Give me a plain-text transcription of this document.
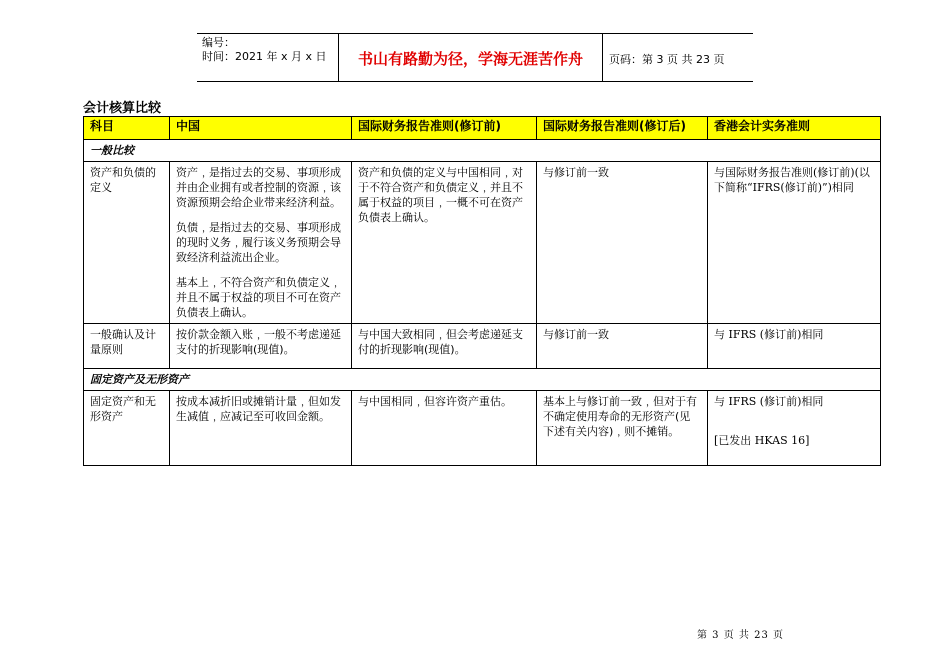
编号：
时间：2021 年 x 月 x 日	书山有路勤为径，学海无涯苦作舟	页码：第 3 页 共 23 页
会计核算比较
科目	中国	国际财务报告准则(修订前)	国际财务报告准则(修订后)	香港会计实务准则
一般比较				
资产和负债的定义	资产﹐是指过去的交易、事项形成并由企业拥有或者控制的资源﹐该资源预期会给企业带来经济利益。
负债﹐是指过去的交易、事项形成的现时义务﹐履行该义务预期会导致经济利益流出企业。
基本上﹐不符合资产和负债定义﹐并且不属于权益的项目不可在资产负债表上确认。	资产和负债的定义与中国相同﹐对于不符合资产和负债定义﹐并且不属于权益的项目﹐一概不可在资产负债表上确认。	与修订前一致	与国际财务报告准则(修订前)(以下简称“IFRS(修订前)”)相同
一般确认及计量原则	按价款金额入账﹐一般不考虑递延支付的折现影响(现值)。	与中国大致相同﹐但会考虑递延支付的折现影响(现值)。	与修订前一致	与 IFRS (修订前)相同
固定资产及无形资产				
固定资产和无形资产	按成本减折旧或摊销计量﹐但如发生减值﹐应减记至可收回金额。	与中国相同﹐但容许资产重估。	基本上与修订前一致﹐但对于有不确定使用寿命的无形资产(见下述有关内容)﹐则不摊销。	与 IFRS (修订前)相同
[已发出 HKAS 16]
第 3 页 共 23 页
